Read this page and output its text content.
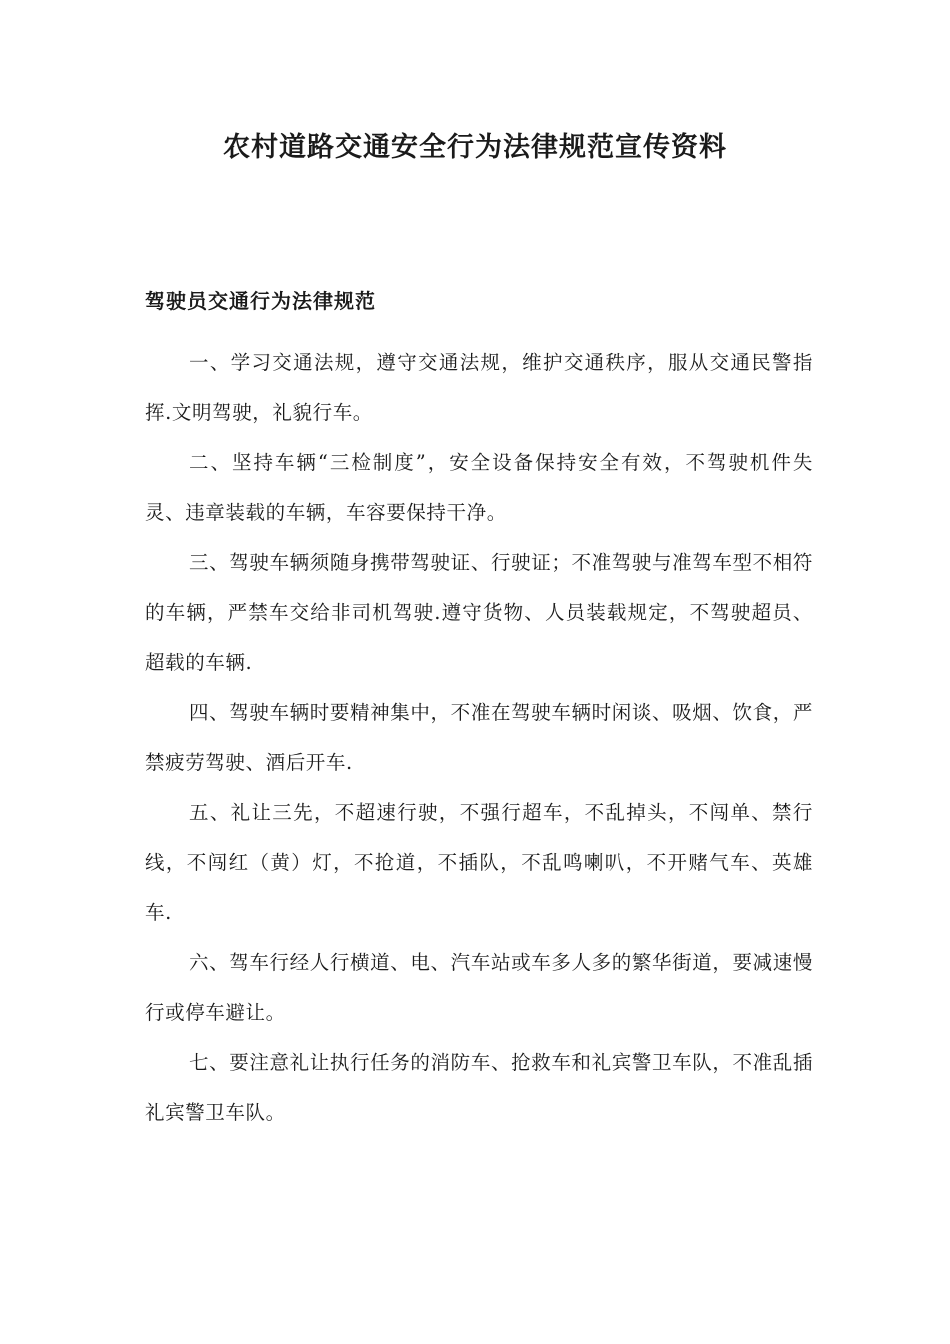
农村道路交通安全行为法律规范宣传资料
驾驶员交通行为法律规范

一、学习交通法规，遵守交通法规，维护交通秩序，服从交通民警指挥.文明驾驶，礼貌行车。

二、坚持车辆“三检制度”，安全设备保持安全有效，不驾驶机件失灵、违章装载的车辆，车容要保持干净。

三、驾驶车辆须随身携带驾驶证、行驶证；不准驾驶与准驾车型不相符的车辆，严禁车交给非司机驾驶.遵守货物、人员装载规定，不驾驶超员、超载的车辆.

四、驾驶车辆时要精神集中，不准在驾驶车辆时闲谈、吸烟、饮食，严禁疲劳驾驶、酒后开车.

五、礼让三先，不超速行驶，不强行超车，不乱掉头，不闯单、禁行线，不闯红（黄）灯，不抢道，不插队，不乱鸣喇叭，不开赌气车、英雄车.

六、驾车行经人行横道、电、汽车站或车多人多的繁华街道，要减速慢行或停车避让。

七、要注意礼让执行任务的消防车、抢救车和礼宾警卫车队，不准乱插礼宾警卫车队。
